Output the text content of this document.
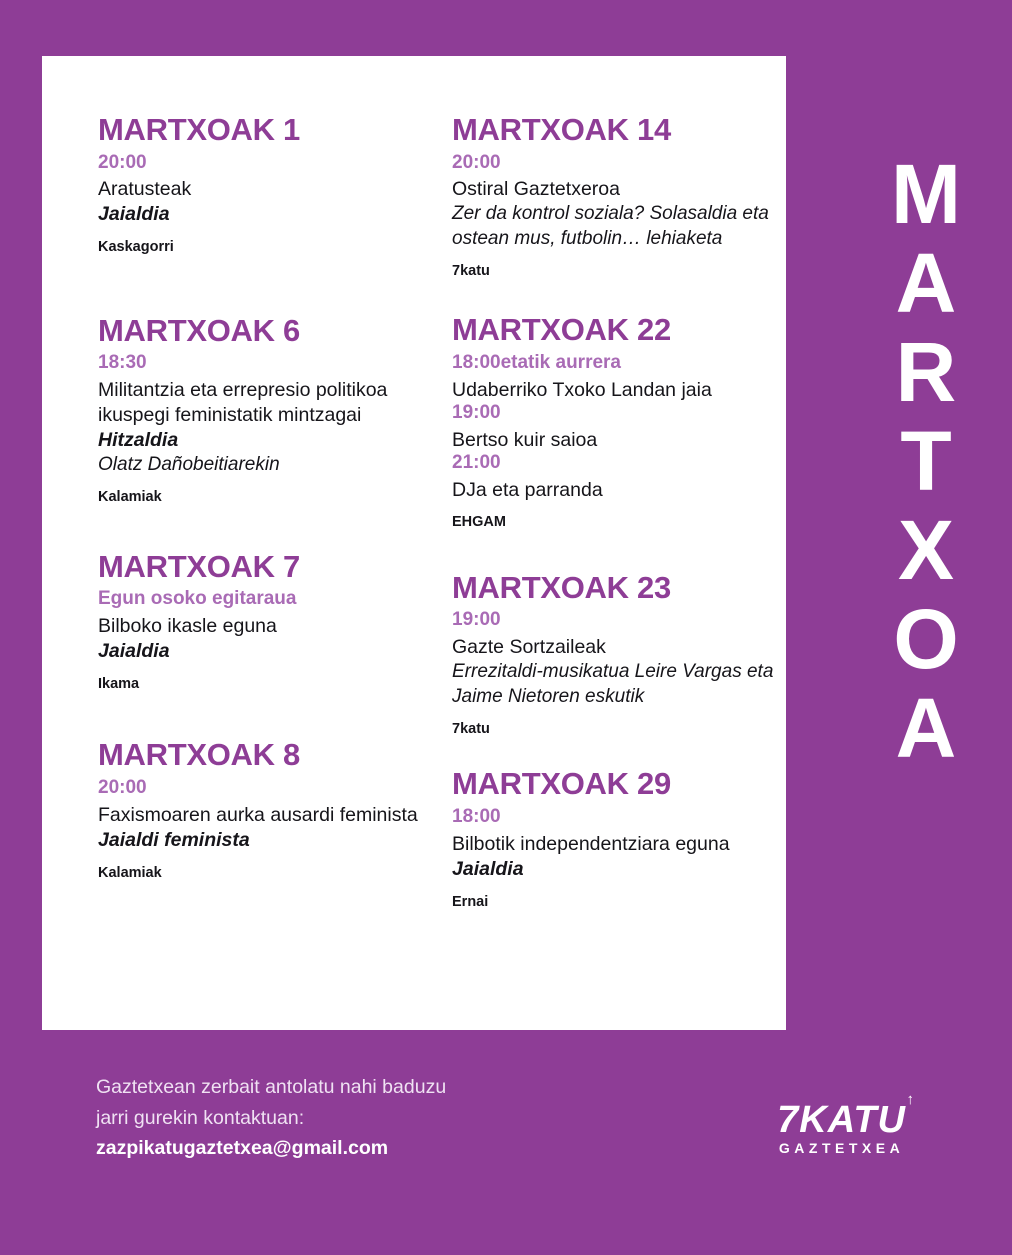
MARTXOAK 1

20:00

Aratusteak

Jaialdia

Kaskagorri

MARTXOAK 6

18:30

Militantzia eta errepresio politikoa ikuspegi feministatik mintzagai

Hitzaldia

Olatz Dañobeitiarekin

Kalamiak

MARTXOAK 7

Egun osoko egitaraua

Bilboko ikasle eguna

Jaialdia

Ikama

MARTXOAK 8

20:00

Faxismoaren aurka ausardi feminista

Jaialdi feminista

Kalamiak

MARTXOAK 14

20:00

Ostiral Gaztetxeroa

Zer da kontrol soziala? Solasaldia eta ostean mus, futbolin… lehiaketa

7katu

MARTXOAK 22

18:00etatik aurrera

Udaberriko Txoko Landan jaia

19:00

Bertso kuir saioa

21:00

DJa eta parranda

EHGAM

MARTXOAK 23

19:00

Gazte Sortzaileak

Errezitaldi-musikatua Leire Vargas eta Jaime Nietoren eskutik

7katu

MARTXOAK 29

18:00

Bilbotik independentziara eguna

Jaialdia

Ernai

M
A
R
T
X
O
A

Gaztetxean zerbait antolatu nahi baduzu

jarri gurekin kontaktuan:

zazpikatugaztetxea@gmail.com

7KATU
GAZTETXEA
↑
